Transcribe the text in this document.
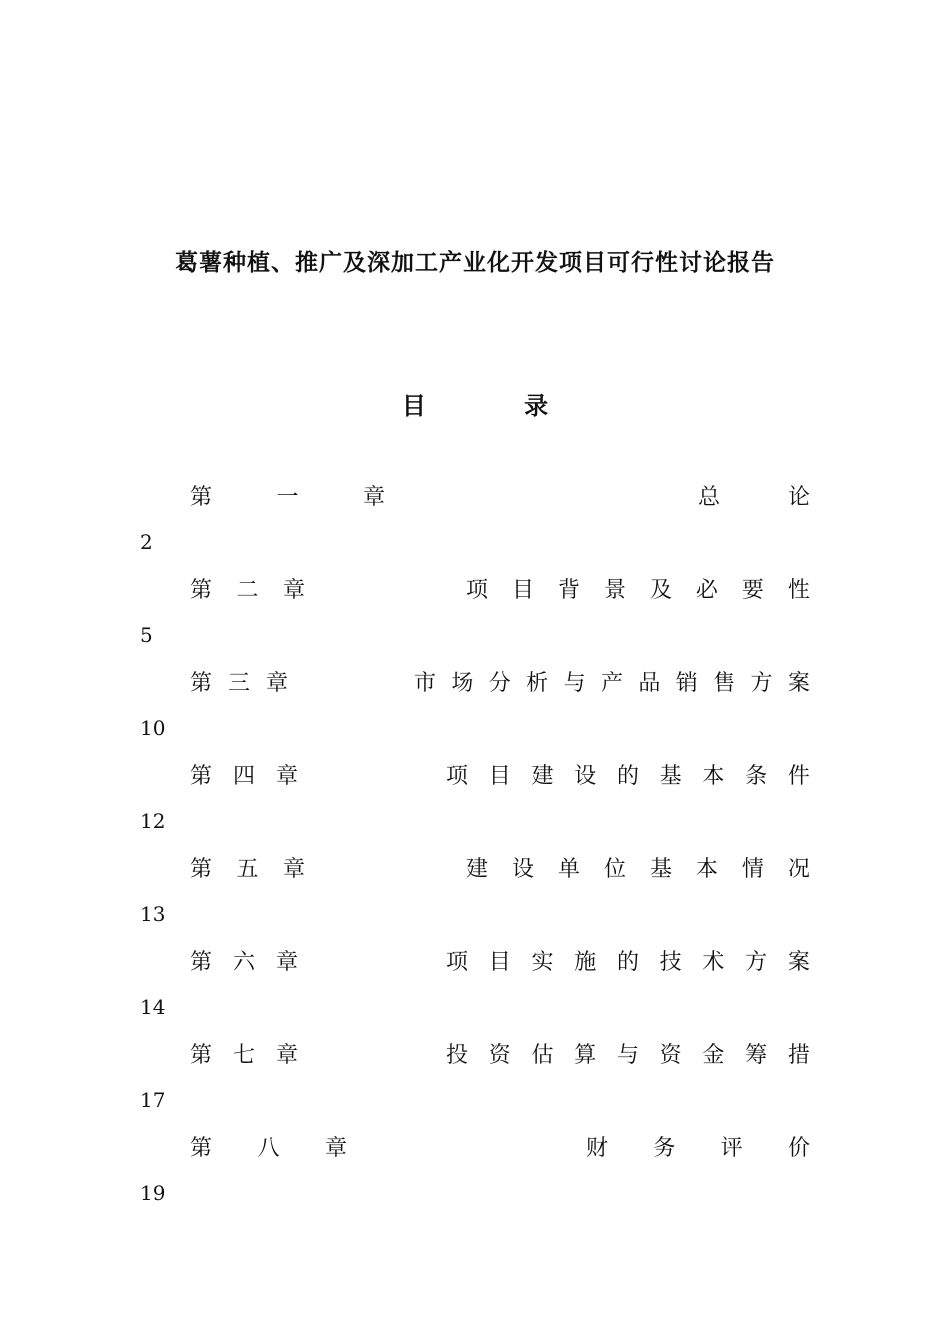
葛薯种植、推广及深加工产业化开发项目可行性讨论报告
目 录
第	一	章	总	论
2
第 二 章	项 目 背 景 及 必 要 性
5
第 三 章	市 场 分 析 与 产 品 销 售 方 案
10
第 四 章	项 目 建 设 的 基 本 条 件
12
第 五 章	建 设 单 位 基 本 情 况
13
第 六 章	项 目 实 施 的 技 术 方 案
14
第 七 章	投 资 估 算 与 资 金 筹 措
17
第 八 章	财 务 评 价
19
